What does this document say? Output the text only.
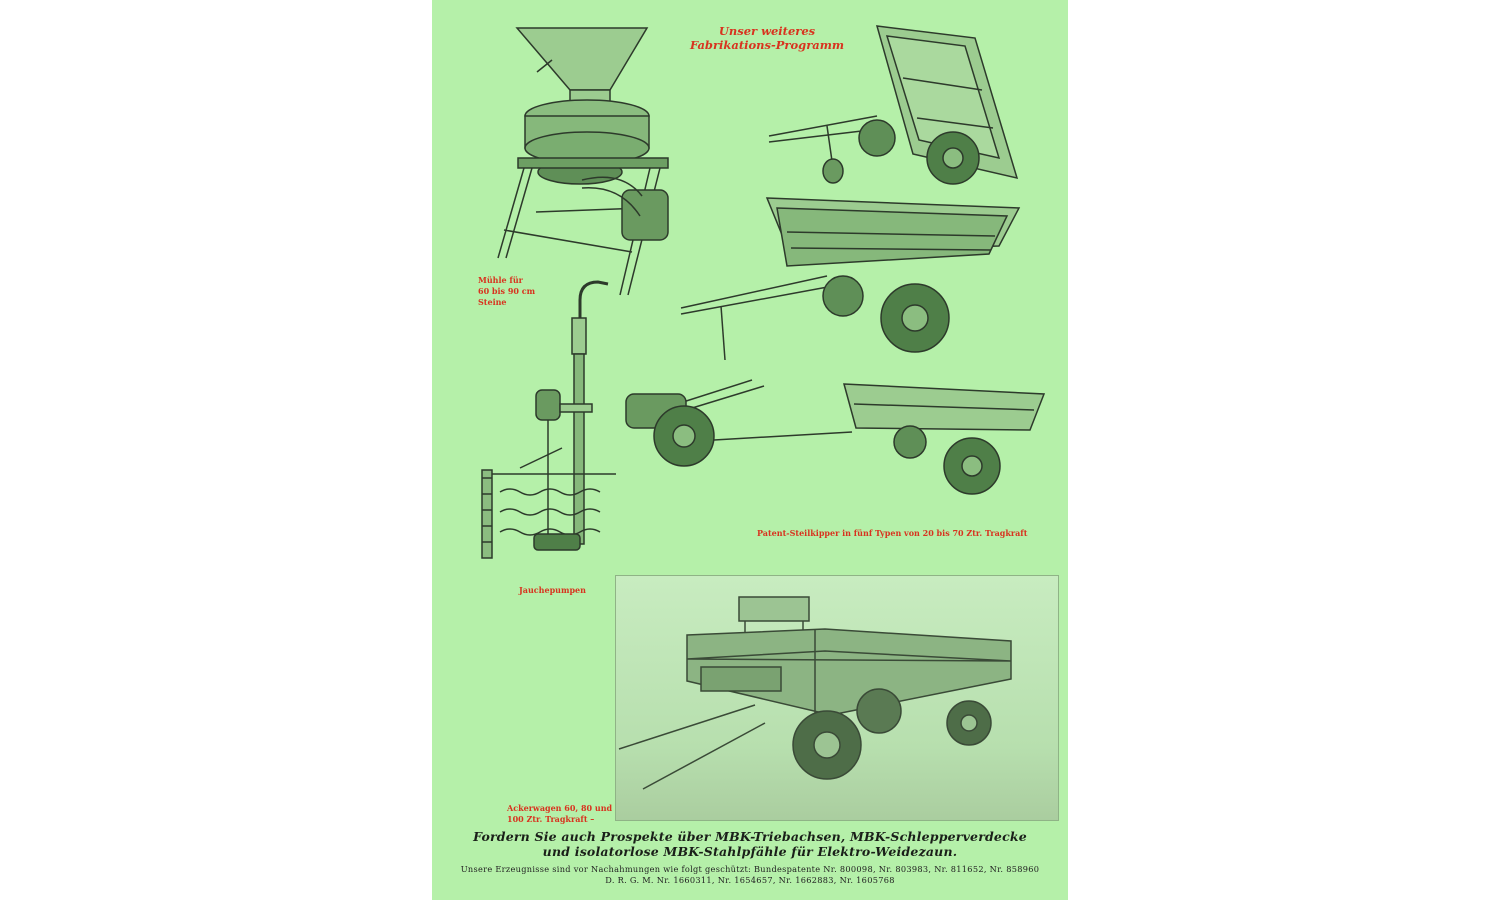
Unser weiteres
Fabrikations-Programm
Mühle für
60 bis 90 cm
Steine
Patent-Steilkipper in fünf Typen von 20 bis 70 Ztr. Tragkraft
Jauchepumpen
Ackerwagen 60, 80 und
100 Ztr. Tragkraft –
Fordern Sie auch Prospekte über MBK-Triebachsen, MBK-Schlepperverdecke
und isolatorlose MBK-Stahlpfähle für Elektro-Weidezaun.
Unsere Erzeugnisse sind vor Nachahmungen wie folgt geschützt: Bundespatente Nr. 800098, Nr. 803983, Nr. 811652, Nr. 858960
D. R. G. M. Nr. 1660311, Nr. 1654657, Nr. 1662883, Nr. 1605768
